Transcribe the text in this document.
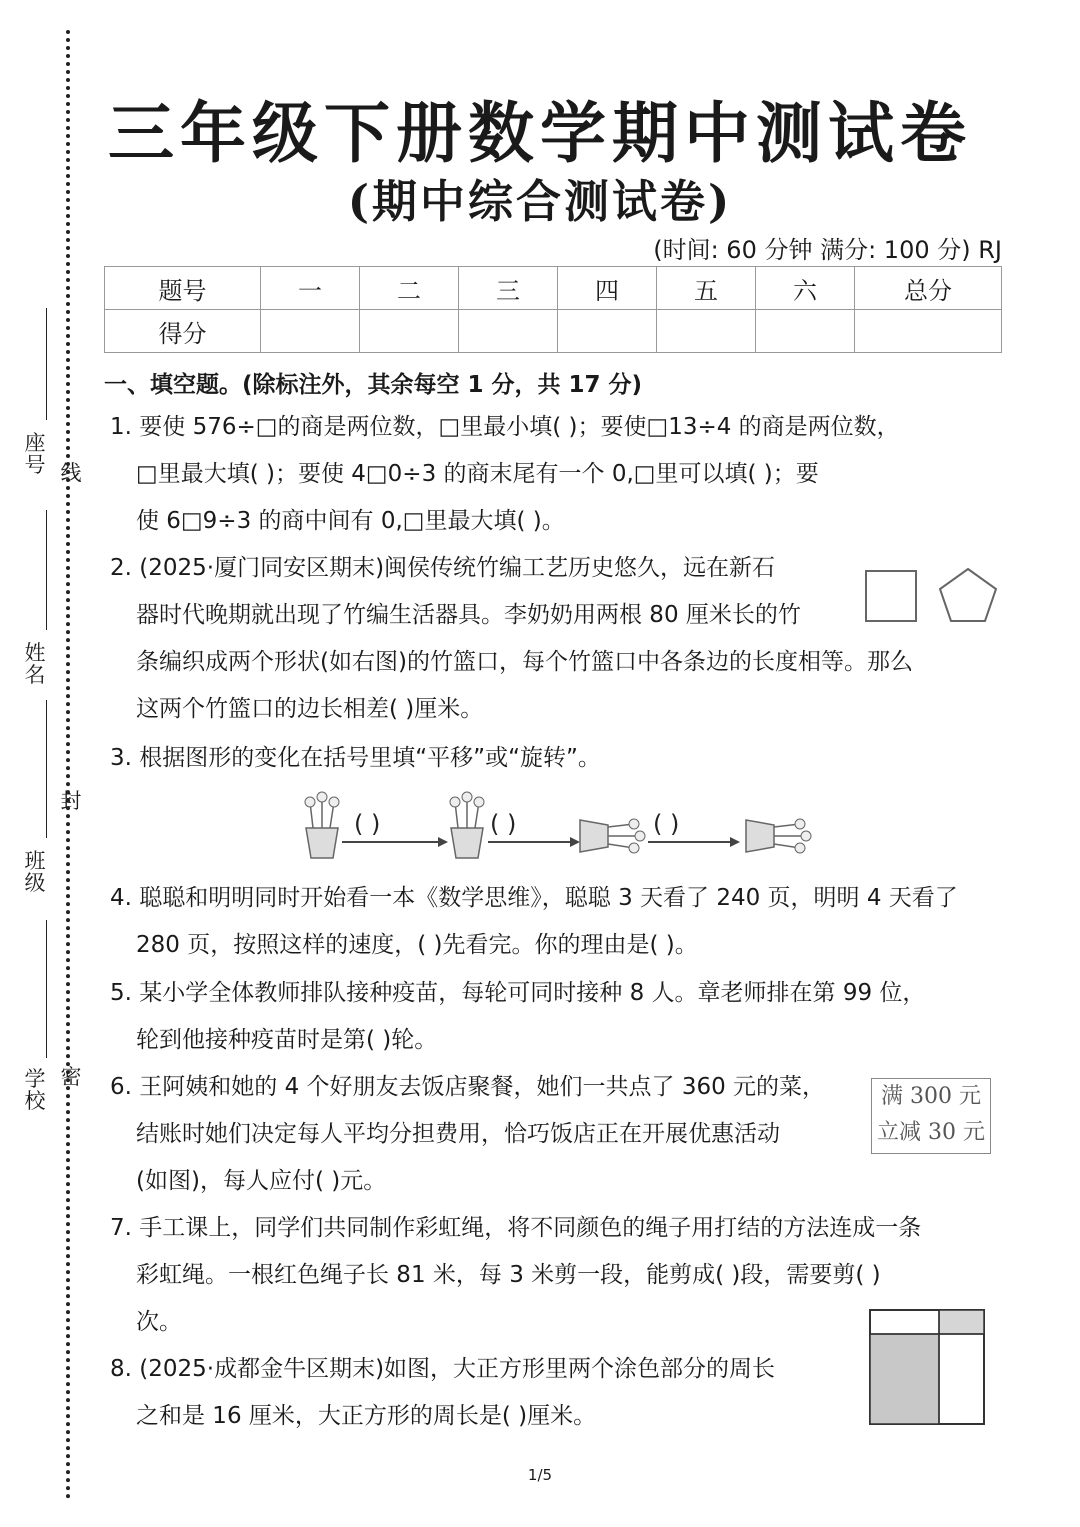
座号 线
姓名
封
班级
学校
密
三年级下册数学期中测试卷
(期中综合测试卷)
(时间: 60 分钟 满分: 100 分) RJ
题号	一	二	三	四	五	六	总分
得分							
一、填空题。(除标注外，其余每空 1 分，共 17 分)
1. 要使 576÷□的商是两位数，□里最小填( )；要使□13÷4 的商是两位数，
□里最大填( )；要使 4□0÷3 的商末尾有一个 0,□里可以填( )；要
使 6□9÷3 的商中间有 0,□里最大填( )。
2. (2025·厦门同安区期末)闽侯传统竹编工艺历史悠久，远在新石
器时代晚期就出现了竹编生活器具。李奶奶用两根 80 厘米长的竹
条编织成两个形状(如右图)的竹篮口，每个竹篮口中各条边的长度相等。那么
这两个竹篮口的边长相差( )厘米。
3. 根据图形的变化在括号里填“平移”或“旋转”。
( )	( )	( )
4. 聪聪和明明同时开始看一本《数学思维》，聪聪 3 天看了 240 页，明明 4 天看了
280 页，按照这样的速度，( )先看完。你的理由是( )。
5. 某小学全体教师排队接种疫苗，每轮可同时接种 8 人。章老师排在第 99 位，
轮到他接种疫苗时是第( )轮。
6. 王阿姨和她的 4 个好朋友去饭店聚餐，她们一共点了 360 元的菜，
结账时她们决定每人平均分担费用，恰巧饭店正在开展优惠活动
(如图)，每人应付( )元。
满 300 元
立减 30 元
7. 手工课上，同学们共同制作彩虹绳，将不同颜色的绳子用打结的方法连成一条
彩虹绳。一根红色绳子长 81 米，每 3 米剪一段，能剪成( )段，需要剪( )
次。
8. (2025·成都金牛区期末)如图，大正方形里两个涂色部分的周长
之和是 16 厘米，大正方形的周长是( )厘米。
1/5
